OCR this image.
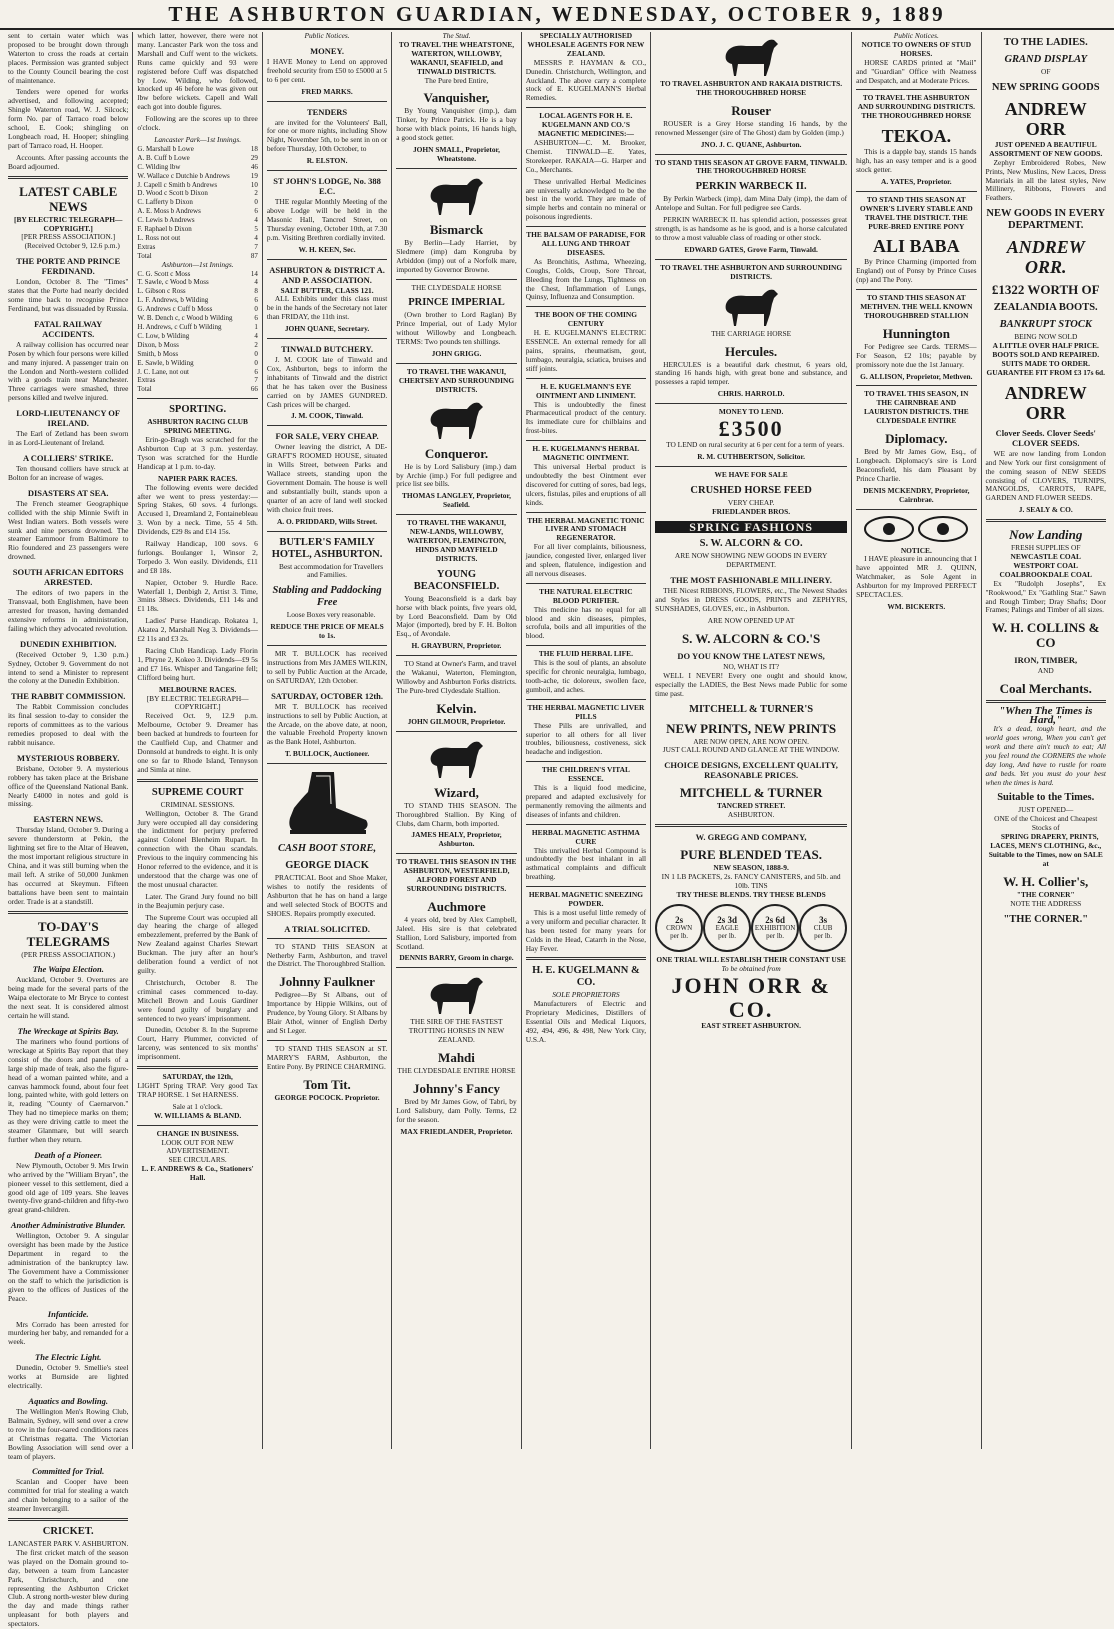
THE ASHBURTON GUARDIAN, WEDNESDAY, OCTOBER 9, 1889

sent to certain water which was proposed to be brought down through Waterton to cross the roads at certain places. Permission was granted subject to the County Council bearing the cost of maintenance.

Tenders were opened for works advertised, and following accepted; Shingle Waterton road, W. J. Silcock; form No. par of Tarraco road below school, E. Cook; shingling on Longbeach road, H. Hooper; shingling part of Tarraco road, H. Hooper.

Accounts. After passing accounts the Board adjourned.

LATEST CABLE NEWS
[BY ELECTRIC TELEGRAPH—COPYRIGHT.]
[PER PRESS ASSOCIATION.]

(Received October 9, 12.6 p.m.)

THE PORTE AND PRINCE FERDINAND.

London, October 8. The "Times" states that the Porte had nearly decided some time back to recognise Prince Ferdinand, but was dissuaded by Russia.

FATAL RAILWAY ACCIDENTS.

A railway collision has occurred near Posen by which four persons were killed and many injured. A passenger train on the London and North-western collided with a goods train near Manchester. Three carriages were smashed, three persons killed and twelve injured.

LORD-LIEUTENANCY OF IRELAND.

The Earl of Zetland has been sworn in as Lord-Lieutenant of Ireland.

A COLLIERS' STRIKE.

Ten thousand colliers have struck at Bolton for an increase of wages.

DISASTERS AT SEA.

The French steamer Geographique collided with the ship Minnie Swift in West Indian waters. Both vessels were sunk and nine persons drowned. The steamer Earnmoor from Baltimore to Rio foundered and 23 passengers were drowned.

SOUTH AFRICAN EDITORS ARRESTED.

The editors of two papers in the Transvaal, both Englishmen, have been arrested for treason, having demanded extensive reforms in administration, failing which they advocated revolution.

DUNEDIN EXHIBITION.

(Received October 9, 1.30 p.m.) Sydney, October 9. Government do not intend to send a Minister to represent the colony at the Dunedin Exhibition.

THE RABBIT COMMISSION.

The Rabbit Commission concludes its final session to-day to consider the reports of committees as to the various remedies proposed to deal with the rabbit nuisance.

MYSTERIOUS ROBBERY.

Brisbane, October 9. A mysterious robbery has taken place at the Brisbane office of the Queensland National Bank. Nearly £4000 in notes and gold is missing.

EASTERN NEWS.

Thursday Island, October 9. During a severe thunderstorm at Pekin, the lightning set fire to the Altar of Heaven, the most important religious structure in China, and it was still burning when the mail left. A strike of 50,000 Junkmen has occurred at Skeymun. Fifteen battalions have been sent to maintain order. Trade is at a standstill.

TO-DAY'S TELEGRAMS
(PER PRESS ASSOCIATION.)
The Waipa Election.

Auckland, October 9. Overtures are being made for the several parts of the Waipa electorate to Mr Bryce to contest the next seat. It is considered almost certain he will stand.

The Wreckage at Spirits Bay.

The mariners who found portions of wreckage at Spirits Bay report that they consist of the doors and panels of a large ship made of teak, also the figure-head of a woman painted white, and a canvas hammock found, about four feet long, painted white, with gold letters on it, reading "County of Caernarvon." They had no timepiece marks on them; as they were driving cattle to meet the steamer Glanmare, but will search further when they return.

Death of a Pioneer.

New Plymouth, October 9. Mrs Irwin who arrived by the "William Bryan", the pioneer vessel to this settlement, died a good old age of 109 years. She leaves twenty-five grand-children and fifty-two great grand-children.

Another Administrative Blunder.

Wellington, October 9. A singular oversight has been made by the Justice Department in regard to the administration of the bankruptcy law. The Government have a Commissioner on the staff to which the jurisdiction is given to the offices of Justices of the Peace.

Infanticide.

Mrs Corrado has been arrested for murdering her baby, and remanded for a week.

The Electric Light.

Dunedin, October 9. Smellie's steel works at Burnside are lighted electrically.

Aquatics and Bowling.

The Wellington Men's Rowing Club, Balmain, Sydney, will send over a crew to row in the four-oared conditions races at Christmas regatta. The Victorian Bowling Association will send over a team of players.

Committed for Trial.

Scanlan and Cooper have been committed for trial for stealing a watch and chain belonging to a sailor of the steamer Invercargill.

CRICKET.
LANCASTER PARK V. ASHBURTON.

The first cricket match of the season was played on the Domain ground to-day, between a team from Lancaster Park, Christchurch, and one representing the Ashburton Cricket Club. A strong north-wester blew during the day and made things rather unpleasant for both players and spectators.

which latter, however, there were not many. Lancaster Park won the toss and Marshall and Cuff went to the wickets. Runs came quickly and 93 were registered before Cuff was dispatched by Low. Wilding, who followed, knocked up 46 before he was given out lbw before wickets. Capell and Wall each got into double figures.

Following are the scores up to three o'clock.

Lancaster Park—1st Innings.
G. Marshall b Lowe	18
A. B. Cuff b Lowe	29
C. Wilding lbw	46
W. Wallace c Dutchie b Andrews	19
J. Capell c Smith b Andrews	10
D. Wood c Scott b Dixon	2
C. Lafferty b Dixon	0
A. E. Moss b Andrews	6
C. Lewis b Andrews	4
F. Raphael b Dixon	5
L. Ross not out	4
Extras	7
Total	87
Ashburton—1st Innings.
C. G. Scott c Moss	14
T. Sawle, c Wood b Moss	4
L. Gibson c Ross	8
L. F. Andrews, b Wilding	6
G. Andrews c Cuff b Moss	0
W. B. Dench c, c Wood b Wilding	6
H. Andrews, c Cuff b Wilding	1
C. Low, b Wilding	4
Dixon, b Moss	2
Smith, b Moss	0
E. Sawle, b Wilding	0
J. C. Lane, not out	6
Extras	7
Total	66
SPORTING.
ASHBURTON RACING CLUB SPRING MEETING.

Erin-go-Bragh was scratched for the Ashburton Cup at 3 p.m. yesterday. Tyson was scratched for the Hurdle Handicap at 1 p.m. to-day.

NAPIER PARK RACES.

The following events were decided after we went to press yesterday:— Spring Stakes, 60 sovs. 4 furlongs. Accused 1, Dreamland 2, Fontainebleau 3. Won by a neck. Time, 55 4 5th. Dividends, £29 8s and £14 15s.

Railway Handicap, 100 sovs. 6 furlongs. Boulanger 1, Winsor 2, Torpedo 3. Won easily. Dividends, £11 and £8 18s.

Napier, October 9. Hurdle Race. Waterfall 1, Denbigh 2, Artist 3. Time, 3mins 38secs. Dividends, £11 14s and £1 18s.

Ladies' Purse Handicap. Rokatea 1, Akatea 2, Marshall Neg 3. Dividends—£2 11s and £3 2s.

Racing Club Handicap. Lady Florin 1, Phryne 2, Kokeo 3. Dividends—£9 5s and £7 16s. Whisper and Tangarine fell; Clifford being hurt.

MELBOURNE RACES.
[BY ELECTRIC TELEGRAPH—COPYRIGHT.]

Received Oct. 9, 12.9 p.m. Melbourne, October 9. Dreamer has been backed at hundreds to fourteen for the Caulfield Cup, and Chatmer and Donnsold at hundreds to eight. It is only one so far to Rhode Island, Tennyson and Simla at nine.

SUPREME COURT
CRIMINAL SESSIONS.

Wellington, October 8. The Grand Jury were occupied all day considering the indictment for perjury preferred against Colonel Blenheim Rupart. In connection with the Ohau scandals. Previous to the inquiry commencing his Honor referred to the evidence, and it is understood that the charge was one of the most unusual character.

Later. The Grand Jury found no bill in the Beajumin perjury case.

The Supreme Court was occupied all day hearing the charge of alleged embezzlement, preferred by the Bank of New Zealand against Charles Stewart Buckman. The jury after an hour's deliberation found a verdict of not guilty.

Christchurch, October 8. The criminal cases commenced to-day. Mitchell Brown and Louis Gardiner were found guilty of burglary and sentenced to two years' imprisonment.

Dunedin, October 8. In the Supreme Court, Harry Plummer, convicted of larceny, was sentenced to six months' imprisonment.

SATURDAY, the 12th,

LIGHT Spring TRAP. Very good Tax TRAP HORSE. 1 Set HARNESS.

Sale at 1 o'clock.
W. WILLIAMS & BLAND.
CHANGE IN BUSINESS.
LOOK OUT FOR NEW ADVERTISEMENT.
SEE CIRCULARS.
L. F. ANDREWS & Co., Stationers' Hall.
Public Notices.
MONEY.

I HAVE Money to Lend on approved freehold security from £50 to £5000 at 5 to 6 per cent.

FRED MARKS.
TENDERS

are invited for the Volunteers' Ball, for one or more nights, including Show Night, November 5th, to be sent in on or before Thursday, 10th October, to

R. ELSTON.
ST JOHN'S LODGE, No. 388 E.C.

THE regular Monthly Meeting of the above Lodge will be held in the Masonic Hall, Tancred Street, on Thursday evening, October 10th, at 7.30 p.m. Visiting Brethren cordially invited.

W. H. KEEN, Sec.
ASHBURTON & DISTRICT A. AND P. ASSOCIATION.
SALT BUTTER, CLASS 121.

ALL Exhibits under this class must be in the hands of the Secretary not later than FRIDAY, the 11th inst.

JOHN QUANE, Secretary.
TINWALD BUTCHERY.

J. M. COOK late of Tinwald and Cox, Ashburton, begs to inform the inhabitants of Tinwald and the district that he has taken over the Business carried on by JAMES GUNDRED. Cash prices will be charged.

J. M. COOK, Tinwald.
FOR SALE, VERY CHEAP.

Owner leaving the district, A DE-GRAFT'S ROOMED HOUSE, situated in Wills Street, between Parks and Wallace streets, standing upon the Government Domain. The house is well and substantially built, stands upon a quarter of an acre of land well stocked with choice fruit trees.

A. O. PRIDDARD, Wills Street.
BUTLER'S FAMILY HOTEL, ASHBURTON.

Best accommodation for Travellers and Families.

Stabling and Paddocking Free

Loose Boxes very reasonable.

REDUCE THE PRICE OF MEALS to 1s.

MR T. BULLOCK has received instructions from Mrs JAMES WILKIN, to sell by Public Auction at the Arcade, on SATURDAY, 12th October.

SATURDAY, OCTOBER 12th.

MR T. BULLOCK has received instructions to sell by Public Auction, at the Arcade, on the above date, at noon, the valuable Freehold Property known as the Bank Hotel, Ashburton.

T. BULLOCK, Auctioneer.
CASH BOOT STORE,
GEORGE DIACK

PRACTICAL Boot and Shoe Maker, wishes to notify the residents of Ashburton that he has on hand a large and well selected Stock of BOOTS and SHOES. Repairs promptly executed.

A TRIAL SOLICITED.

TO STAND THIS SEASON at Netherby Farm, Ashburton, and travel the District. The Thoroughbred Stallion.

Johnny Faulkner

Pedigree—By St Albans, out of Importance by Hippie Wilkins, out of Prudence, by Young Glory. St Albans by Blair Athol, winner of English Derby and St Leger.

TO STAND THIS SEASON at ST. MARRY'S FARM, Ashburton, the Entire Pony. By PRINCE CHARMING.

Tom Tit.
GEORGE POCOCK. Proprietor.
The Stud.
TO TRAVEL THE WHEATSTONE, WATERTON, WILLOWBY, WAKANUI, SEAFIELD, and TINWALD DISTRICTS.
The Pure bred Entire,
Vanquisher,

By Young Vanquisher (imp.), dam Tinker, by Prince Patrick. He is a bay horse with black points, 16 hands high, a good stock getter.

JOHN SMALL, Proprietor, Wheatstone.
Bismarck

By Berlin—Lady Harriet, by Sledmere (imp) dam Kongruba by Arbiddon (imp) out of a Norfolk mare, imported by Governor Browne.

THE CLYDESDALE HORSE
PRINCE IMPERIAL

(Own brother to Lord Raglan) By Prince Imperial, out of Lady Mylor without Willowby and Longbeach. TERMS: Two pounds ten shillings.

JOHN GRIGG.
TO TRAVEL THE WAKANUI, CHERTSEY AND SURROUNDING DISTRICTS.
Conqueror.

He is by Lord Salisbury (imp.) dam by Archie (imp.) For full pedigree and price list see bills.

THOMAS LANGLEY, Proprietor, Seafield.
TO TRAVEL THE WAKANUI, NEW-LANDS, WILLOWBY, WATERTON, FLEMINGTON, HINDS AND MAYFIELD DISTRICTS.
YOUNG BEACONSFIELD.

Young Beaconsfield is a dark bay horse with black points, five years old, by Lord Beaconsfield. Dam by Old Major (imported), bred by F. H. Bolton Esq., of Avondale.

H. GRAYBURN, Proprietor.

TO Stand at Owner's Farm, and travel the Wakanui, Waterton, Flemington, Willowby and Ashburton Forks districts. The Pure-bred Clydesdale Stallion.

Kelvin.
JOHN GILMOUR, Proprietor.
Wizard,

TO STAND THIS SEASON. The Thoroughbred Stallion. By King of Clubs, dam Charm, both imported.

JAMES HEALY, Proprietor, Ashburton.
TO TRAVEL THIS SEASON IN THE ASHBURTON, WESTERFIELD, ALFORD FOREST AND SURROUNDING DISTRICTS.
Auchmore

4 years old, bred by Alex Campbell, Jaleel. His sire is that celebrated Stallion, Lord Salisbury, imported from Scotland.

DENNIS BARRY, Groom in charge.
THE SIRE OF THE FASTEST TROTTING HORSES IN NEW ZEALAND.
Mahdi
THE CLYDESDALE ENTIRE HORSE
Johnny's Fancy

Bred by Mr James Gow, of Tabri, by Lord Salisbury, dam Polly. Terms, £2 for the season.

MAX FRIEDLANDER, Proprietor.
SPECIALLY AUTHORISED WHOLESALE AGENTS FOR NEW ZEALAND.

MESSRS P. HAYMAN & CO., Dunedin. Christchurch, Wellington, and Auckland. The above carry a complete stock of E. KUGELMANN'S Herbal Remedies.

LOCAL AGENTS FOR H. E. KUGELMANN AND CO.'S MAGNETIC MEDICINES:—

ASHBURTON—C. M. Brooker, Chemist. TINWALD—E. Yates, Storekeeper. RAKAIA—G. Harper and Co., Merchants.

These unrivalled Herbal Medicines are universally acknowledged to be the best in the world. They are made of simple herbs and contain no mineral or poisonous ingredients.

THE BALSAM OF PARADISE, FOR ALL LUNG AND THROAT DISEASES.

As Bronchitis, Asthma, Wheezing, Coughs, Colds, Croup, Sore Throat, Bleeding from the Lungs, Tightness on the Chest, Inflammation of Lungs, Quinsy, Influenza and Consumption.

THE BOON OF THE COMING CENTURY

H. E. KUGELMANN'S ELECTRIC ESSENCE. An external remedy for all pains, sprains, rheumatism, gout, lumbago, neuralgia, sciatica, bruises and stiff joints.

H. E. KUGELMANN'S EYE OINTMENT AND LINIMENT.

This is undoubtedly the finest Pharmaceutical product of the century. Its immediate cure for chilblains and frost-bites.

H. E. KUGELMANN'S HERBAL MAGNETIC OINTMENT.

This universal Herbal product is undoubtedly the best Ointment ever discovered for cutting of sores, bad legs, ulcers, fistulas, piles and eruptions of all kinds.

THE HERBAL MAGNETIC TONIC LIVER AND STOMACH REGENERATOR.

For all liver complaints, biliousness, jaundice, congested liver, enlarged liver and spleen, flatulence, indigestion and all nervous diseases.

THE NATURAL ELECTRIC BLOOD PURIFIER.

This medicine has no equal for all blood and skin diseases, pimples, scrofula, boils and all impurities of the blood.

THE FLUID HERBAL LIFE.

This is the soul of plants, an absolute specific for chronic neuralgia, lumbago, tooth-ache, tic doloreux, swollen face, gumboil, and aches.

THE HERBAL MAGNETIC LIVER PILLS

These Pills are unrivalled, and superior to all others for all liver troubles, biliousness, costiveness, sick headache and indigestion.

THE CHILDREN'S VITAL ESSENCE.

This is a liquid food medicine, prepared and adapted exclusively for permanently removing the ailments and diseases of infants and children.

HERBAL MAGNETIC ASTHMA CURE

This unrivalled Herbal Compound is undoubtedly the best inhalant in all asthmatical complaints and difficult breathing.

HERBAL MAGNETIC SNEEZING POWDER.

This is a most useful little remedy of a very uniform and peculiar character. It has been tested for many years for Colds in the Head, Catarrh in the Nose, Hay Fever.

H. E. KUGELMANN & CO.
SOLE PROPRIETORS

Manufacturers of Electric and Proprietary Medicines, Distillers of Essential Oils and Medical Liquors, 492, 494, 496, & 498, New York City, U.S.A.

TO TRAVEL ASHBURTON AND RAKAIA DISTRICTS. THE THOROUGHBRED HORSE
Rouser

ROUSER is a Grey Horse standing 16 hands, by the renowned Messenger (sire of The Ghost) dam by Golden (imp.)

JNO. J. C. QUANE, Ashburton.
TO STAND THIS SEASON AT GROVE FARM, TINWALD. THE THOROUGHBRED HORSE
PERKIN WARBECK II.

By Perkin Warbeck (imp), dam Mina Daly (imp), the dam of Antelope and Sultan. For full pedigree see Cards.

PERKIN WARBECK II. has splendid action, possesses great strength, is as handsome as he is good, and is a horse calculated to throw a most valuable class of roading or other stock.

EDWARD GATES, Grove Farm, Tinwald.
TO TRAVEL THE ASHBURTON AND SURROUNDING DISTRICTS.
THE CARRIAGE HORSE
Hercules.

HERCULES is a beautiful dark chestnut, 6 years old, standing 16 hands high, with great bone and substance, and possesses a rapid temper.

CHRIS. HARROLD.
MONEY TO LEND.
£3500

TO LEND on rural security at 6 per cent for a term of years.

R. M. CUTHBERTSON, Solicitor.
WE HAVE FOR SALE
CRUSHED HORSE FEED
VERY CHEAP.
FRIEDLANDER BROS.
SPRING FASHIONS
S. W. ALCORN & CO.
ARE NOW SHOWING NEW GOODS IN EVERY DEPARTMENT.
THE MOST FASHIONABLE MILLINERY.

THE Nicest RIBBONS, FLOWERS, etc., The Newest Shades and Styles in DRESS GOODS, PRINTS and ZEPHYRS, SUNSHADES, GLOVES, etc., in Ashburton.

ARE NOW OPENED UP AT
S. W. ALCORN & CO.'S
DO YOU KNOW THE LATEST NEWS,
NO, WHAT IS IT?

WELL I NEVER! Every one ought and should know, especially the LADIES, the Best News made Public for some time past.

MITCHELL & TURNER'S
NEW PRINTS, NEW PRINTS
ARE NOW OPEN, ARE NOW OPEN.
JUST CALL ROUND AND GLANCE AT THE WINDOW.
CHOICE DESIGNS, EXCELLENT QUALITY, REASONABLE PRICES.
MITCHELL & TURNER
TANCRED STREET.
ASHBURTON.
W. GREGG AND COMPANY,
PURE BLENDED TEAS.
NEW SEASON, 1888-9.
IN 1 LB PACKETS, 2s. FANCY CANISTERS, and 5lb. and 10lb. TINS
TRY THESE BLENDS. TRY THESE BLENDS
2s
CROWN
per lb.
2s 3d
EAGLE
per lb.
2s 6d
EXHIBITION
per lb.
3s
CLUB
per lb.
ONE TRIAL WILL ESTABLISH THEIR CONSTANT USE
To be obtained from
JOHN ORR & CO.
EAST STREET ASHBURTON.
Public Notices.
NOTICE TO OWNERS OF STUD HORSES.

HORSE CARDS printed at "Mail" and "Guardian" Office with Neatness and Despatch, and at Moderate Prices.

TO TRAVEL THE ASHBURTON AND SURROUNDING DISTRICTS. THE THOROUGHBRED HORSE
TEKOA.

This is a dapple bay, stands 15 hands high, has an easy temper and is a good stock getter.

A. YATES, Proprietor.
TO STAND THIS SEASON AT OWNER'S LIVERY STABLE AND TRAVEL THE DISTRICT. THE PURE-BRED ENTIRE PONY
ALI BABA

By Prince Charming (imported from England) out of Ponsy by Prince Cuses (np) and The Pony.

TO STAND THIS SEASON AT METHVEN. THE WELL KNOWN THOROUGHBRED STALLION
Hunnington

For Pedigree see Cards. TERMS—For Season, £2 10s; payable by promissory note due the 1st January.

G. ALLISON, Proprietor, Methven.
TO TRAVEL THIS SEASON, IN THE CAIRNBRAE AND LAURISTON DISTRICTS. THE CLYDESDALE ENTIRE
Diplomacy.

Bred by Mr James Gow, Esq., of Longbeach. Diplomacy's sire is Lord Beaconsfield, his dam Pleasant by Prince Charlie.

DENIS MCKENDRY, Proprietor, Cairnbrae.
NOTICE.

I HAVE pleasure in announcing that I have appointed MR J. QUINN, Watchmaker, as Sole Agent in Ashburton for my Improved PERFECT SPECTACLES.

WM. BICKERTS.
TO THE LADIES.
GRAND DISPLAY
OF
NEW SPRING GOODS
ANDREW ORR
JUST OPENED A BEAUTIFUL ASSORTMENT OF NEW GOODS.

Zephyr Embroidered Robes, New Prints, New Muslins, New Laces, Dress Materials in all the latest styles, New Millinery, Ribbons, Flowers and Feathers.

NEW GOODS IN EVERY DEPARTMENT.
ANDREW ORR.
£1322 WORTH OF
ZEALANDIA BOOTS.
BANKRUPT STOCK
BEING NOW SOLD
A LITTLE OVER HALF PRICE.
BOOTS SOLD AND REPAIRED.
SUITS MADE TO ORDER.
GUARANTEE FIT FROM £3 17s 6d.
ANDREW ORR
Clover Seeds. Clover Seeds' CLOVER SEEDS.

WE are now landing from London and New York our first consignment of the coming season of NEW SEEDS consisting of CLOVERS, TURNIPS, MANGOLDS, CARROTS, RAPE, GARDEN AND FLOWER SEEDS.

J. SEALY & CO.
Now Landing
FRESH SUPPLIES OF
NEWCASTLE COAL
WESTPORT COAL
COALBROOKDALE COAL

Ex "Rudolph Josephs", Ex "Rookwood," Ex "Gathling Star." Sawn and Rough Timber; Dray Shafts; Door Frames; Palings and Timber of all sizes.

W. H. COLLINS & CO
IRON, TIMBER,
AND
Coal Merchants.
"When The Times is Hard,"

It's a dead, tough heart, and the world goes wrong, When you can't get work and there ain't much to eat; All you feel round the CORNERS the whole day long, And have to rustle for roam and beds. Yet you must do your best when the times is hard.

Suitable to the Times.
JUST OPENED—
ONE of the Choicest and Cheapest Stocks of

SPRING DRAPERY, PRINTS, LACES, MEN'S CLOTHING, &c., Suitable to the Times, now on SALE at

W. H. Collier's,
"THE CORNER"
NOTE THE ADDRESS
"THE CORNER."
